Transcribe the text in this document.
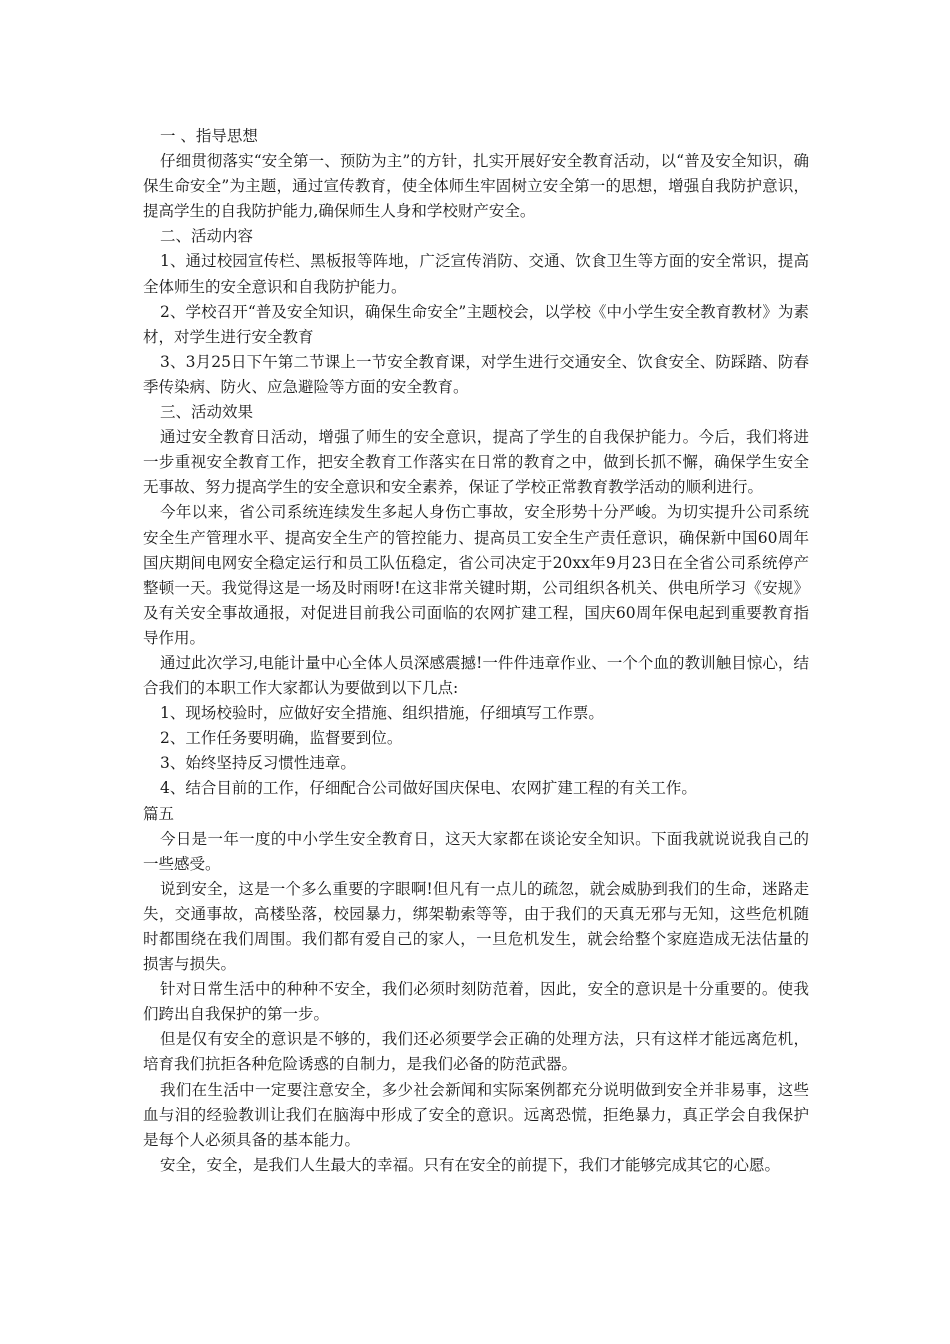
一 、指导思想

仔细贯彻落实“安全第一、预防为主”的方针，扎实开展好安全教育活动，以“普及安全知识，确保生命安全”为主题，通过宣传教育，使全体师生牢固树立安全第一的思想，增强自我防护意识，提高学生的自我防护能力,确保师生人身和学校财产安全。

二、活动内容

1、通过校园宣传栏、黑板报等阵地，广泛宣传消防、交通、饮食卫生等方面的安全常识，提高全体师生的安全意识和自我防护能力。

2、学校召开“普及安全知识，确保生命安全”主题校会，以学校《中小学生安全教育教材》为素材，对学生进行安全教育

3、3月25日下午第二节课上一节安全教育课，对学生进行交通安全、饮食安全、防踩踏、防春季传染病、防火、应急避险等方面的安全教育。

三、活动效果

通过安全教育日活动，增强了师生的安全意识，提高了学生的自我保护能力。今后，我们将进一步重视安全教育工作，把安全教育工作落实在日常的教育之中，做到长抓不懈，确保学生安全无事故、努力提高学生的安全意识和安全素养，保证了学校正常教育教学活动的顺利进行。

今年以来，省公司系统连续发生多起人身伤亡事故，安全形势十分严峻。为切实提升公司系统安全生产管理水平、提高安全生产的管控能力、提高员工安全生产责任意识，确保新中国60周年国庆期间电网安全稳定运行和员工队伍稳定，省公司决定于20xx年9月23日在全省公司系统停产整顿一天。我觉得这是一场及时雨呀!在这非常关键时期，公司组织各机关、供电所学习《安规》及有关安全事故通报，对促进目前我公司面临的农网扩建工程，国庆60周年保电起到重要教育指导作用。

通过此次学习,电能计量中心全体人员深感震撼!一件件违章作业、一个个血的教训触目惊心，结合我们的本职工作大家都认为要做到以下几点:

1、现场校验时，应做好安全措施、组织措施，仔细填写工作票。

2、工作任务要明确，监督要到位。

3、始终坚持反习惯性违章。

4、结合目前的工作，仔细配合公司做好国庆保电、农网扩建工程的有关工作。

篇五

今日是一年一度的中小学生安全教育日，这天大家都在谈论安全知识。下面我就说说我自己的一些感受。

说到安全，这是一个多么重要的字眼啊!但凡有一点儿的疏忽，就会威胁到我们的生命，迷路走失，交通事故，高楼坠落，校园暴力，绑架勒索等等，由于我们的天真无邪与无知，这些危机随时都围绕在我们周围。我们都有爱自己的家人，一旦危机发生，就会给整个家庭造成无法估量的损害与损失。

针对日常生活中的种种不安全，我们必须时刻防范着，因此，安全的意识是十分重要的。使我们跨出自我保护的第一步。

但是仅有安全的意识是不够的，我们还必须要学会正确的处理方法，只有这样才能远离危机，培育我们抗拒各种危险诱惑的自制力，是我们必备的防范武器。

我们在生活中一定要注意安全，多少社会新闻和实际案例都充分说明做到安全并非易事，这些血与泪的经验教训让我们在脑海中形成了安全的意识。远离恐慌，拒绝暴力，真正学会自我保护是每个人必须具备的基本能力。

安全，安全，是我们人生最大的幸福。只有在安全的前提下，我们才能够完成其它的心愿。
